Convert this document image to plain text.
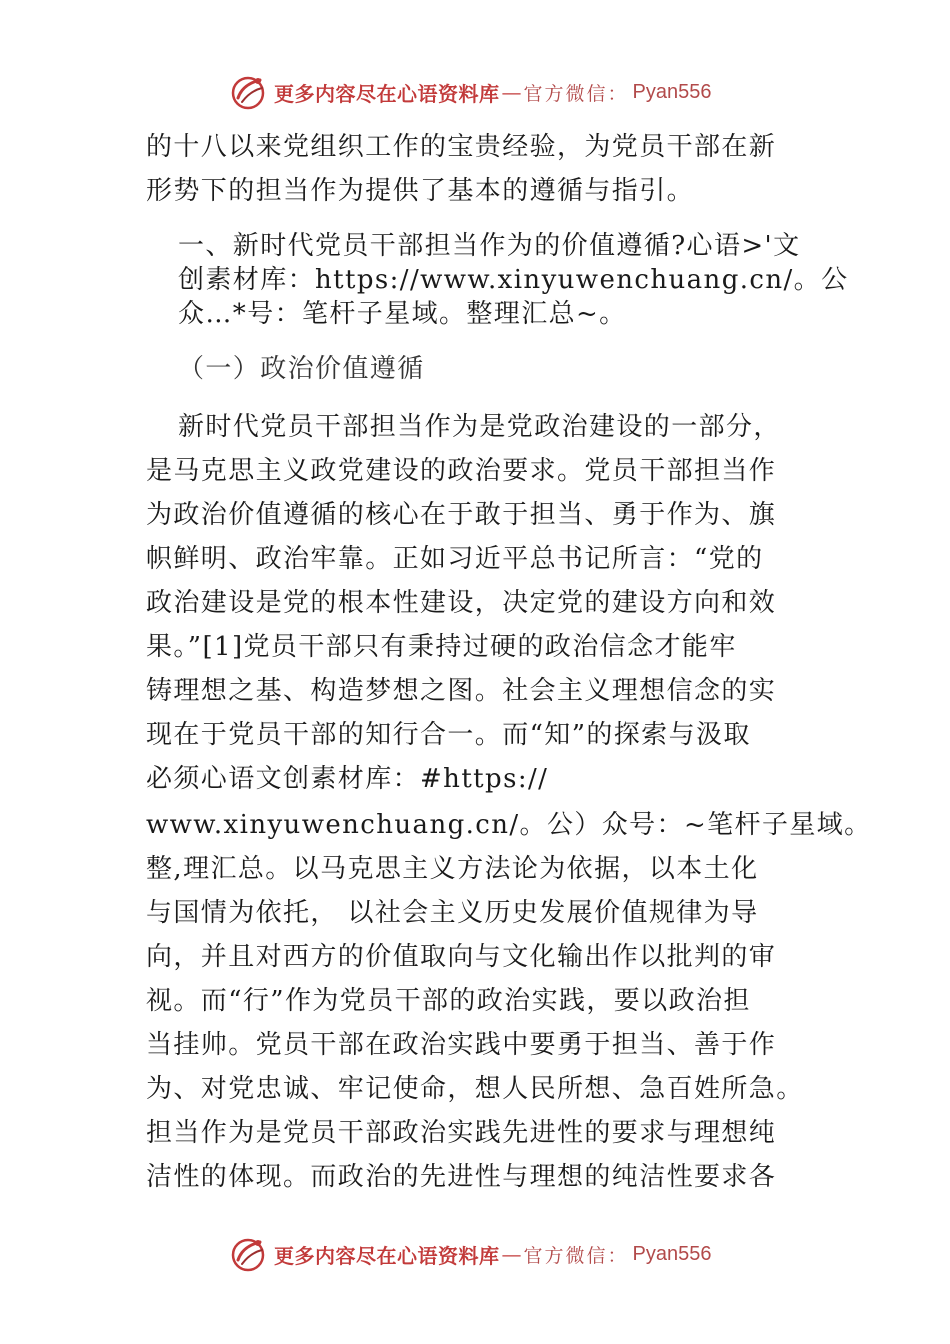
更多内容尽在心语资料库 — 官方微信： Pyan556
的十八以来党组织工作的宝贵经验，为党员干部在新
形势下的担当作为提供了基本的遵循与指引。
一、新时代党员干部担当作为的价值遵循?心语>'文
创素材库：https://www.xinyuwenchuang.cn/。公
众…*号：笔杆子星域。整理汇总~。
（一）政治价值遵循
新时代党员干部担当作为是党政治建设的一部分，
是马克思主义政党建设的政治要求。党员干部担当作
为政治价值遵循的核心在于敢于担当、勇于作为、旗
帜鲜明、政治牢靠。正如习近平总书记所言：“党的
政治建设是党的根本性建设，决定党的建设方向和效
果。”[1]党员干部只有秉持过硬的政治信念才能牢
铸理想之基、构造梦想之图。社会主义理想信念的实
现在于党员干部的知行合一。而“知”的探索与汲取
必须心语文创素材库：#https://
www.xinyuwenchuang.cn/。公）众号：~笔杆子星域。
整,理汇总。以马克思主义方法论为依据，以本土化
与国情为依托， 以社会主义历史发展价值规律为导
向，并且对西方的价值取向与文化输出作以批判的审
视。而“行”作为党员干部的政治实践，要以政治担
当挂帅。党员干部在政治实践中要勇于担当、善于作
为、对党忠诚、牢记使命，想人民所想、急百姓所急。
担当作为是党员干部政治实践先进性的要求与理想纯
洁性的体现。而政治的先进性与理想的纯洁性要求各
更多内容尽在心语资料库 — 官方微信： Pyan556
